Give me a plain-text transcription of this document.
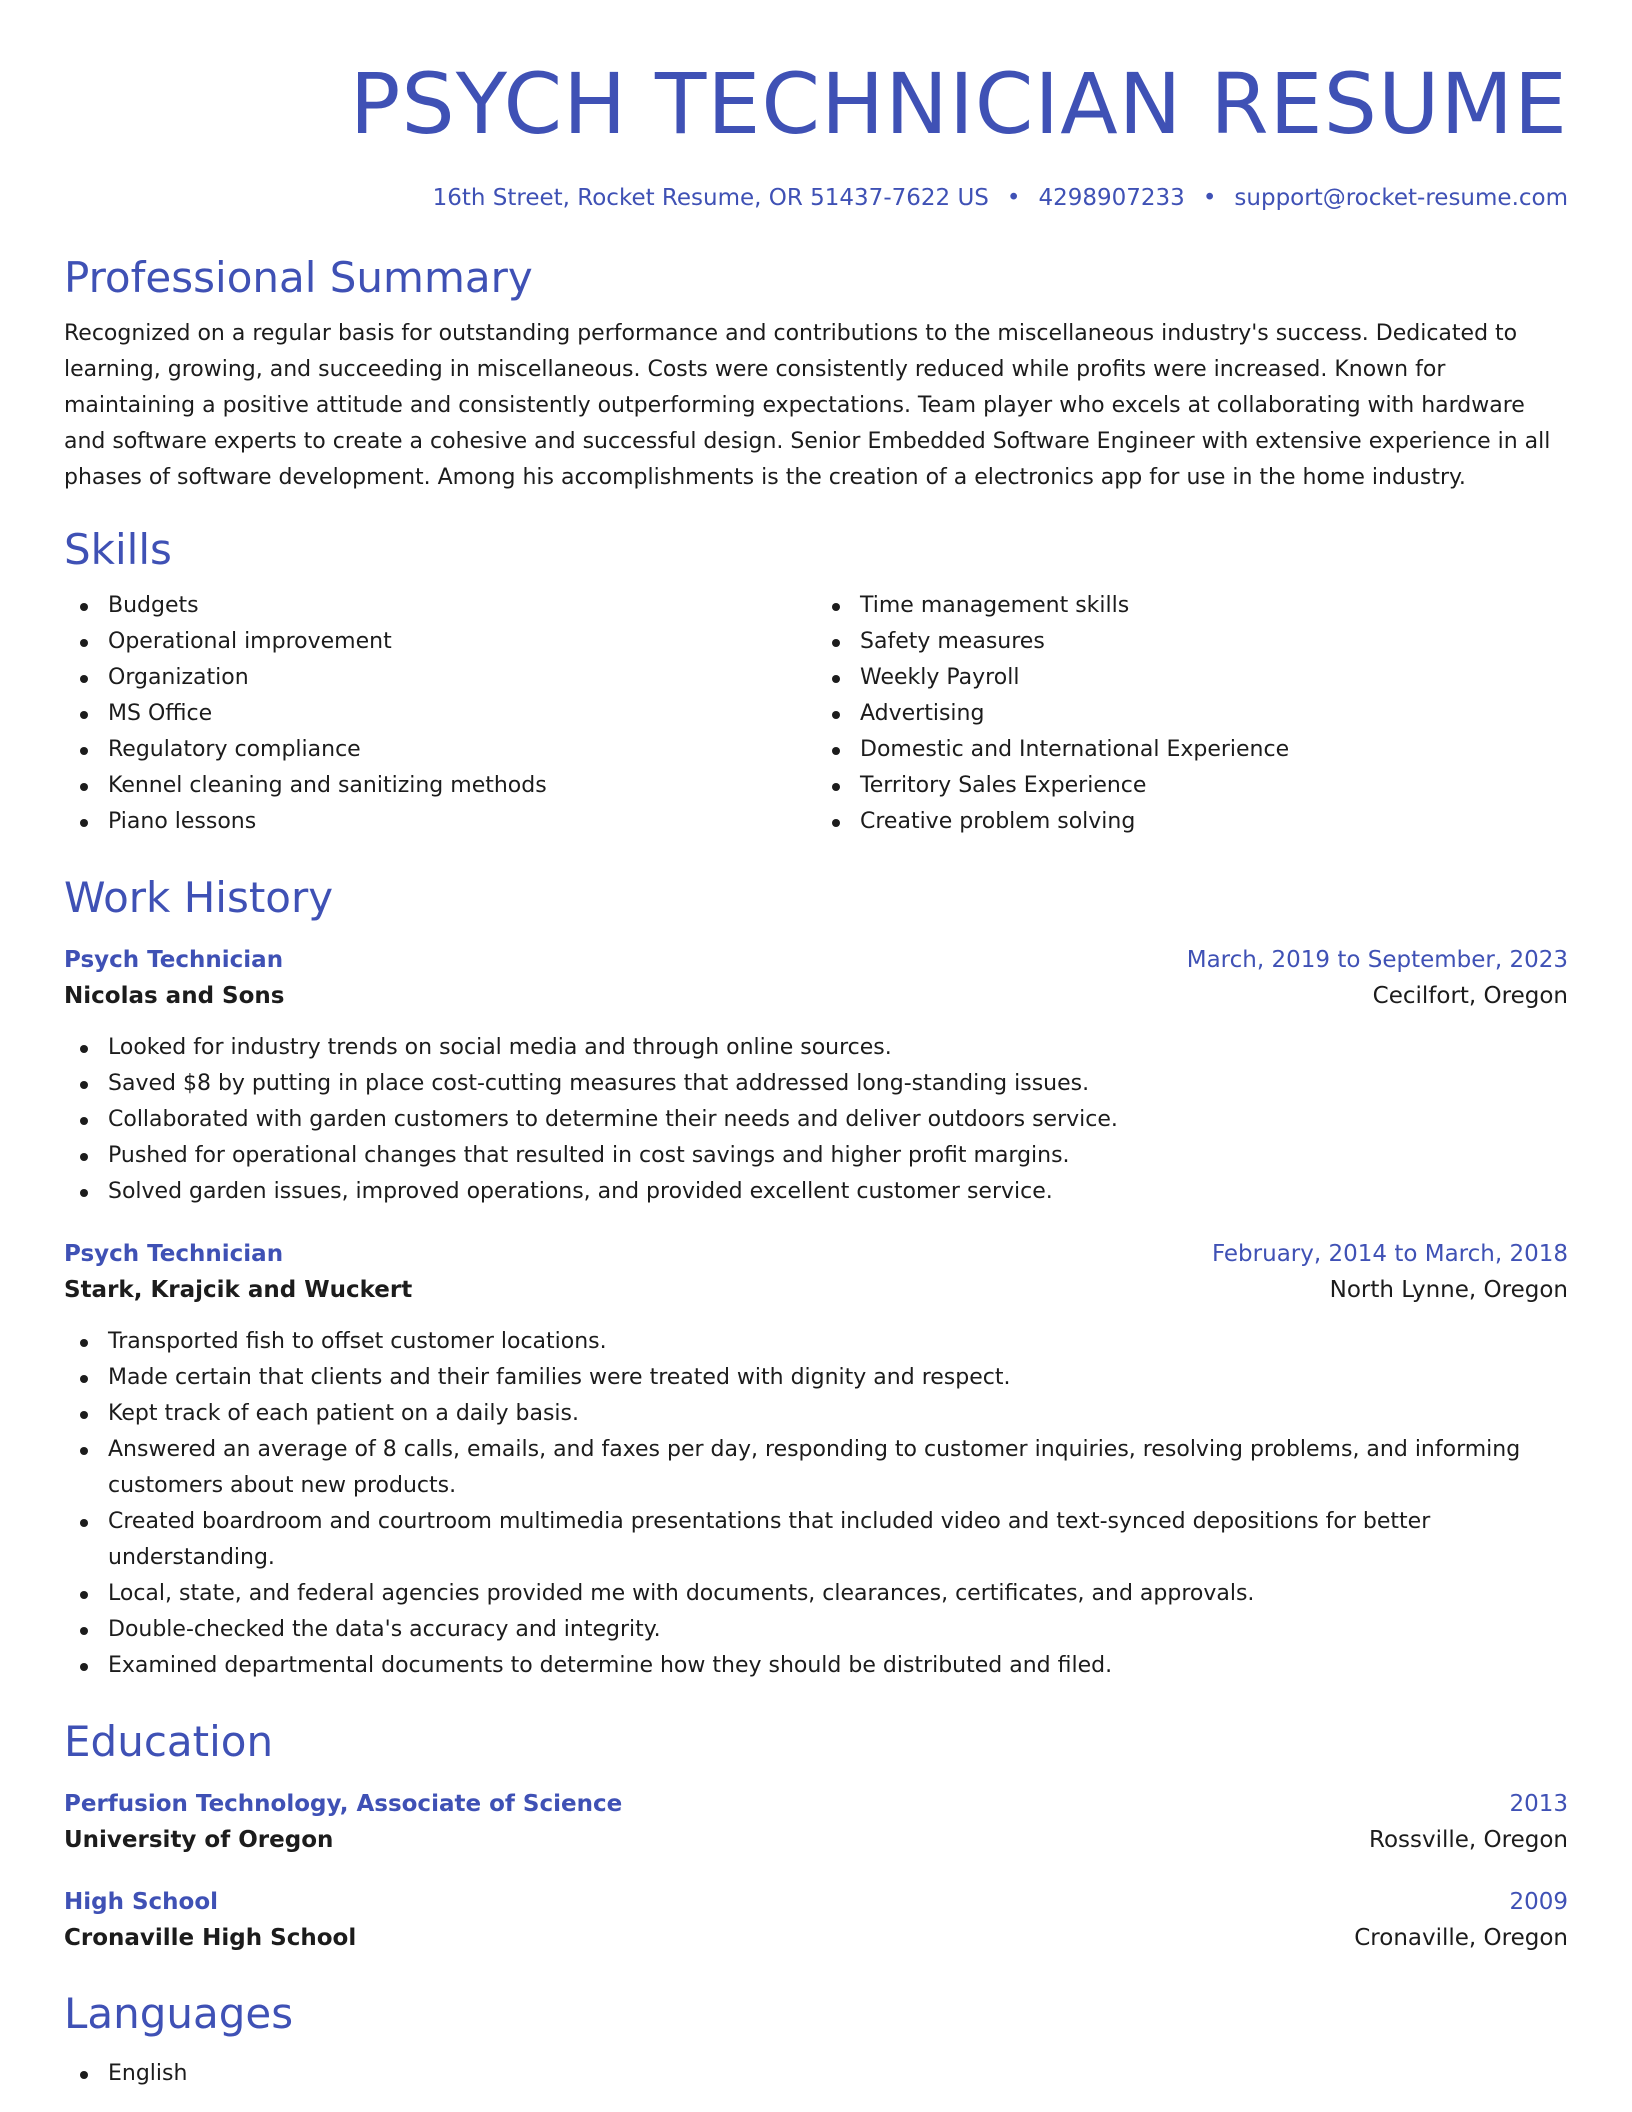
PSYCH TECHNICIAN RESUME
16th Street, Rocket Resume, OR 51437-7622 US • 4298907233 • support@rocket-resume.com
Professional Summary

Recognized on a regular basis for outstanding performance and contributions to the miscellaneous industry's success. Dedicated to learning, growing, and succeeding in miscellaneous. Costs were consistently reduced while profits were increased. Known for maintaining a positive attitude and consistently outperforming expectations. Team player who excels at collaborating with hardware and software experts to create a cohesive and successful design. Senior Embedded Software Engineer with extensive experience in all phases of software development. Among his accomplishments is the creation of a electronics app for use in the home industry.

Skills
Budgets
Operational improvement
Organization
MS Office
Regulatory compliance
Kennel cleaning and sanitizing methods
Piano lessons
Time management skills
Safety measures
Weekly Payroll
Advertising
Domestic and International Experience
Territory Sales Experience
Creative problem solving
Work History
Psych Technician	March, 2019 to September, 2023
Nicolas and Sons	Cecilfort, Oregon
Looked for industry trends on social media and through online sources.
Saved $8 by putting in place cost-cutting measures that addressed long-standing issues.
Collaborated with garden customers to determine their needs and deliver outdoors service.
Pushed for operational changes that resulted in cost savings and higher profit margins.
Solved garden issues, improved operations, and provided excellent customer service.
Psych Technician	February, 2014 to March, 2018
Stark, Krajcik and Wuckert	North Lynne, Oregon
Transported fish to offset customer locations.
Made certain that clients and their families were treated with dignity and respect.
Kept track of each patient on a daily basis.
Answered an average of 8 calls, emails, and faxes per day, responding to customer inquiries, resolving problems, and informing customers about new products.
Created boardroom and courtroom multimedia presentations that included video and text-synced depositions for better understanding.
Local, state, and federal agencies provided me with documents, clearances, certificates, and approvals.
Double-checked the data's accuracy and integrity.
Examined departmental documents to determine how they should be distributed and filed.
Education
Perfusion Technology, Associate of Science	2013
University of Oregon	Rossville, Oregon
High School	2009
Cronaville High School	Cronaville, Oregon
Languages
English
